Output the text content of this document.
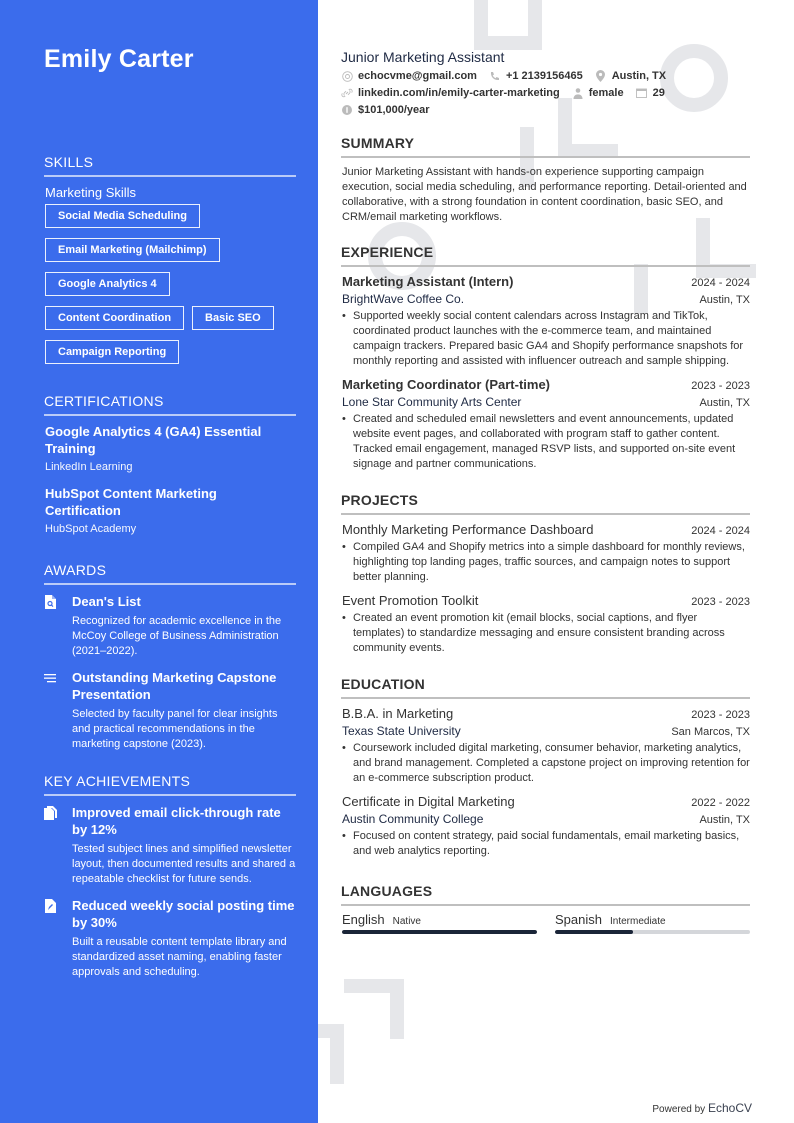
Emily Carter
SKILLS
Marketing Skills
Social Media Scheduling
Email Marketing (Mailchimp)
Google Analytics 4
Content Coordination	Basic SEO
Campaign Reporting
CERTIFICATIONS
Google Analytics 4 (GA4) Essential Training
LinkedIn Learning
HubSpot Content Marketing Certification
HubSpot Academy
AWARDS
Dean's List
Recognized for academic excellence in the McCoy College of Business Administration (2021–2022).
Outstanding Marketing Capstone Presentation
Selected by faculty panel for clear insights and practical recommendations in the marketing capstone (2023).
KEY ACHIEVEMENTS
Improved email click-through rate by 12%
Tested subject lines and simplified newsletter layout, then documented results and shared a repeatable checklist for future sends.
Reduced weekly social posting time by 30%
Built a reusable content template library and standardized asset naming, enabling faster approvals and scheduling.
Junior Marketing Assistant
echocvme@gmail.com	+1 2139156465	Austin, TX
linkedin.com/in/emily-carter-marketing	female	29
$101,000/year
SUMMARY

Junior Marketing Assistant with hands-on experience supporting campaign execution, social media scheduling, and performance reporting. Detail-oriented and collaborative, with a strong foundation in content coordination, basic SEO, and CRM/email marketing workflows.

EXPERIENCE
Marketing Assistant (Intern)	2024 - 2024
BrightWave Coffee Co.	Austin, TX
• Supported weekly social content calendars across Instagram and TikTok, coordinated product launches with the e-commerce team, and maintained campaign trackers. Prepared basic GA4 and Shopify performance snapshots for monthly reporting and assisted with influencer outreach and sample shipping.
Marketing Coordinator (Part-time)	2023 - 2023
Lone Star Community Arts Center	Austin, TX
• Created and scheduled email newsletters and event announcements, updated website event pages, and collaborated with program staff to gather content. Tracked email engagement, managed RSVP lists, and supported on-site event signage and partner communications.
PROJECTS
Monthly Marketing Performance Dashboard	2024 - 2024
• Compiled GA4 and Shopify metrics into a simple dashboard for monthly reviews, highlighting top landing pages, traffic sources, and campaign notes to support better planning.
Event Promotion Toolkit	2023 - 2023
• Created an event promotion kit (email blocks, social captions, and flyer templates) to standardize messaging and ensure consistent branding across community events.
EDUCATION
B.B.A. in Marketing	2023 - 2023
Texas State University	San Marcos, TX
• Coursework included digital marketing, consumer behavior, marketing analytics, and brand management. Completed a capstone project on improving retention for an e-commerce subscription product.
Certificate in Digital Marketing	2022 - 2022
Austin Community College	Austin, TX
• Focused on content strategy, paid social fundamentals, email marketing basics, and web analytics reporting.
LANGUAGES
English Native	Spanish Intermediate
Powered by EchoCV
